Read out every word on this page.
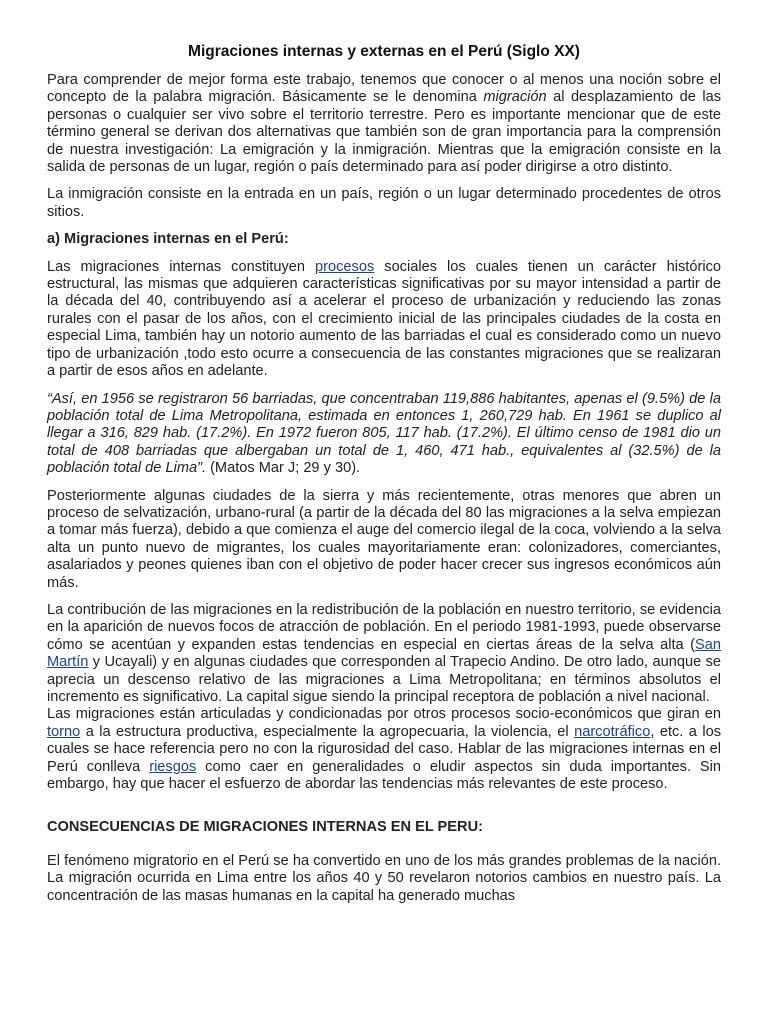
Migraciones internas y externas en el Perú (Siglo XX)

Para comprender de mejor forma este trabajo, tenemos que conocer o al menos una noción sobre el concepto de la palabra migración. Básicamente se le denomina migración al desplazamiento de las personas o cualquier ser vivo sobre el territorio terrestre. Pero es importante mencionar que de este término general se derivan dos alternativas que también son de gran importancia para la comprensión de nuestra investigación: La emigración y la inmigración. Mientras que la emigración consiste en la salida de personas de un lugar, región o país determinado para así poder dirigirse a otro distinto.

La inmigración consiste en la entrada en un país, región o un lugar determinado procedentes de otros sitios.

a) Migraciones internas en el Perú:

Las migraciones internas constituyen procesos sociales los cuales tienen un carácter histórico estructural, las mismas que adquieren características significativas por su mayor intensidad a partir de la década del 40, contribuyendo así a acelerar el proceso de urbanización y reduciendo las zonas rurales con el pasar de los años, con el crecimiento inicial de las principales ciudades de la costa en especial Lima, también hay un notorio aumento de las barriadas el cual es considerado como un nuevo tipo de urbanización ,todo esto ocurre a consecuencia de las constantes migraciones que se realizaran a partir de esos años en adelante.

“Así, en 1956 se registraron 56 barriadas, que concentraban 119,886 habitantes, apenas el (9.5%) de la población total de Lima Metropolitana, estimada en entonces 1, 260,729 hab. En 1961 se duplico al llegar a 316, 829 hab. (17.2%). En 1972 fueron 805, 117 hab. (17.2%). El último censo de 1981 dio un total de 408 barriadas que albergaban un total de 1, 460, 471 hab., equivalentes al (32.5%) de la población total de Lima”. (Matos Mar J; 29 y 30).

Posteriormente algunas ciudades de la sierra y más recientemente, otras menores que abren un proceso de selvatización, urbano-rural (a partir de la década del 80 las migraciones a la selva empiezan a tomar más fuerza), debido a que comienza el auge del comercio ilegal de la coca, volviendo a la selva alta un punto nuevo de migrantes, los cuales mayoritariamente eran: colonizadores, comerciantes, asalariados y peones quienes iban con el objetivo de poder hacer crecer sus ingresos económicos aún más.

La contribución de las migraciones en la redistribución de la población en nuestro territorio, se evidencia en la aparición de nuevos focos de atracción de población. En el periodo 1981-1993, puede observarse cómo se acentúan y expanden estas tendencias en especial en ciertas áreas de la selva alta (San Martín y Ucayali) y en algunas ciudades que corresponden al Trapecio Andino. De otro lado, aunque se aprecia un descenso relativo de las migraciones a Lima Metropolitana; en términos absolutos el incremento es significativo. La capital sigue siendo la principal receptora de población a nivel nacional.

Las migraciones están articuladas y condicionadas por otros procesos socio-económicos que giran en torno a la estructura productiva, especialmente la agropecuaria, la violencia, el narcotráfico, etc. a los cuales se hace referencia pero no con la rigurosidad del caso. Hablar de las migraciones internas en el Perú conlleva riesgos como caer en generalidades o eludir aspectos sin duda importantes. Sin embargo, hay que hacer el esfuerzo de abordar las tendencias más relevantes de este proceso.

CONSECUENCIAS DE MIGRACIONES INTERNAS EN EL PERU:

El fenómeno migratorio en el Perú se ha convertido en uno de los más grandes problemas de la nación. La migración ocurrida en Lima entre los años 40 y 50 revelaron notorios cambios en nuestro país. La concentración de las masas humanas en la capital ha generado muchas
